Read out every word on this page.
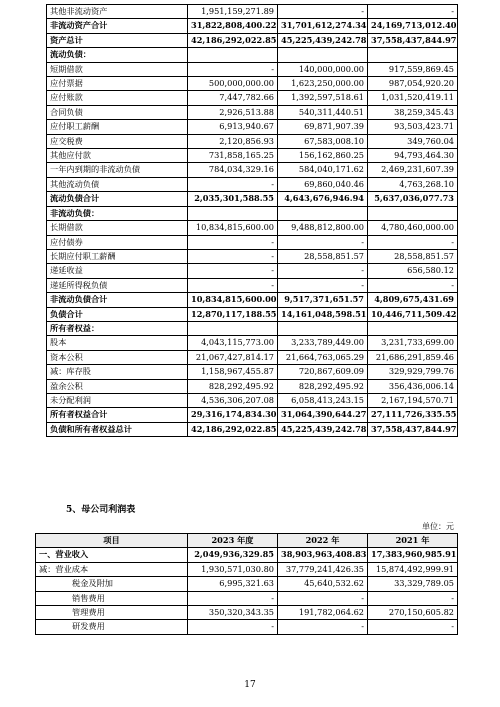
其他非流动资产	1,951,159,271.89	-	-
非流动资产合计	31,822,808,400.22	31,701,612,274.34	24,169,713,012.40
资产总计	42,186,292,022.85	45,225,439,242.78	37,558,437,844.97
流动负债：			
短期借款	-	140,000,000.00	917,559,869.45
应付票据	500,000,000.00	1,623,250,000.00	987,054,920.20
应付账款	7,447,782.66	1,392,597,518.61	1,031,520,419.11
合同负债	2,926,513.88	540,311,440.51	38,259,345.43
应付职工薪酬	6,913,940.67	69,871,907.39	93,503,423.71
应交税费	2,120,856.93	67,583,008.10	349,760.04
其他应付款	731,858,165.25	156,162,860.25	94,793,464.30
一年内到期的非流动负债	784,034,329.16	584,040,171.62	2,469,231,607.39
其他流动负债	-	69,860,040.46	4,763,268.10
流动负债合计	2,035,301,588.55	4,643,676,946.94	5,637,036,077.73
非流动负债：			
长期借款	10,834,815,600.00	9,488,812,800.00	4,780,460,000.00
应付债券	-	-	-
长期应付职工薪酬	-	28,558,851.57	28,558,851.57
递延收益	-	-	656,580.12
递延所得税负债	-	-	-
非流动负债合计	10,834,815,600.00	9,517,371,651.57	4,809,675,431.69
负债合计	12,870,117,188.55	14,161,048,598.51	10,446,711,509.42
所有者权益：			
股本	4,043,115,773.00	3,233,789,449.00	3,231,733,699.00
资本公积	21,067,427,814.17	21,664,763,065.29	21,686,291,859.46
减：库存股	1,158,967,455.87	720,867,609.09	329,929,799.76
盈余公积	828,292,495.92	828,292,495.92	356,436,006.14
未分配利润	4,536,306,207.08	6,058,413,243.15	2,167,194,570.71
所有者权益合计	29,316,174,834.30	31,064,390,644.27	27,111,726,335.55
负债和所有者权益总计	42,186,292,022.85	45,225,439,242.78	37,558,437,844.97
5、母公司利润表
单位：元
项目	2023 年度	2022 年	2021 年
一、营业收入	2,049,936,329.85	38,903,963,408.83	17,383,960,985.91
减：营业成本	1,930,571,030.80	37,779,241,426.35	15,874,492,999.91
税金及附加	6,995,321.63	45,640,532.62	33,329,789.05
销售费用	-	-	-
管理费用	350,320,343.35	191,782,064.62	270,150,605.82
研发费用	-	-	-
17
